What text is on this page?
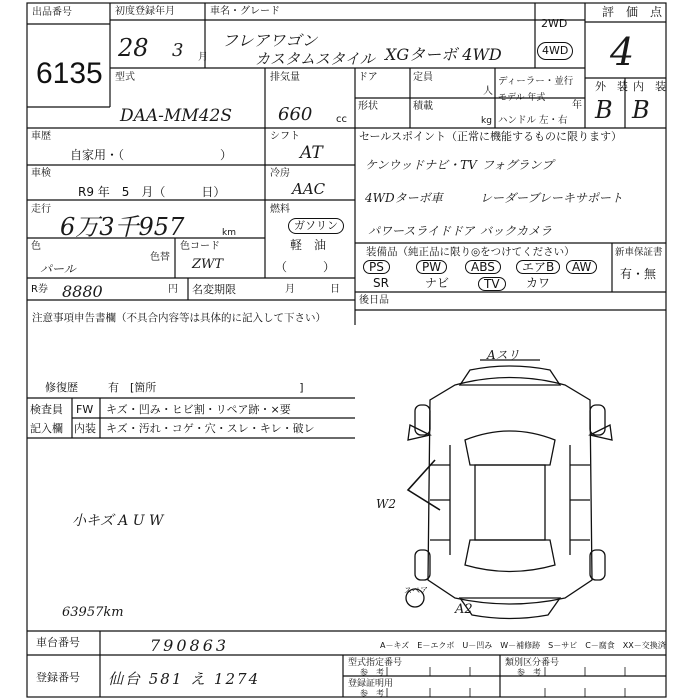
出品番号
6135
初度登録年月
28 3 月
車名・グレード
フレアワゴン
カスタムスタイル XGターボ 4WD
2WD
4WD
評　価　点
4
外　装 内　装
B B
型式
DAA-MM42S
排気量
660 cc
ドア	定員
人
ディーラー・並行
形状	積載
kg
モデル 年式
年
ハンドル 左・右
車歴
自家用・（　　　　　　　　）
シフト
AT
車検
R9 年　5　月（　　　日）
冷房
AAC
走行
6万3千957	km
燃料
ガソリン
軽　油
（　　　）
色
パール
色替
色コード
ZWT
R券 8880	円 名変期限	月	日
セールスポイント（正常に機能するものに限ります）
ケンウッドナビ・TV フォグランプ
4WDターボ車	レーダーブレーキサポート
パワースライドドア バックカメラ
装備品（純正品に限り◎をつけてください）
PS	PW	ABS	エアB	AW
SR	ナビ	TV	カワ
新車保証書
有・無
後日品
注意事項申告書欄（不具合内容等は具体的に記入して下さい）
修復歴	有　[箇所　　　　　　　　　　　　　]
検査員
記入欄
FW キズ・凹み・ヒビ割・リペア跡・×要
内装 キズ・汚れ・コゲ・穴・スレ・キレ・破レ
小キズ A U W
63957km
Aスリ
W2
スペア
A2
A－キズ　E－エクボ　U－凹み　W－補修跡　S－サビ　C－腐食　XX－交換済
車台番号	790863
登録番号 仙台 581 え 1274
型式指定番号
参　考
類別区分番号
参　考
登録証明用
参　考
